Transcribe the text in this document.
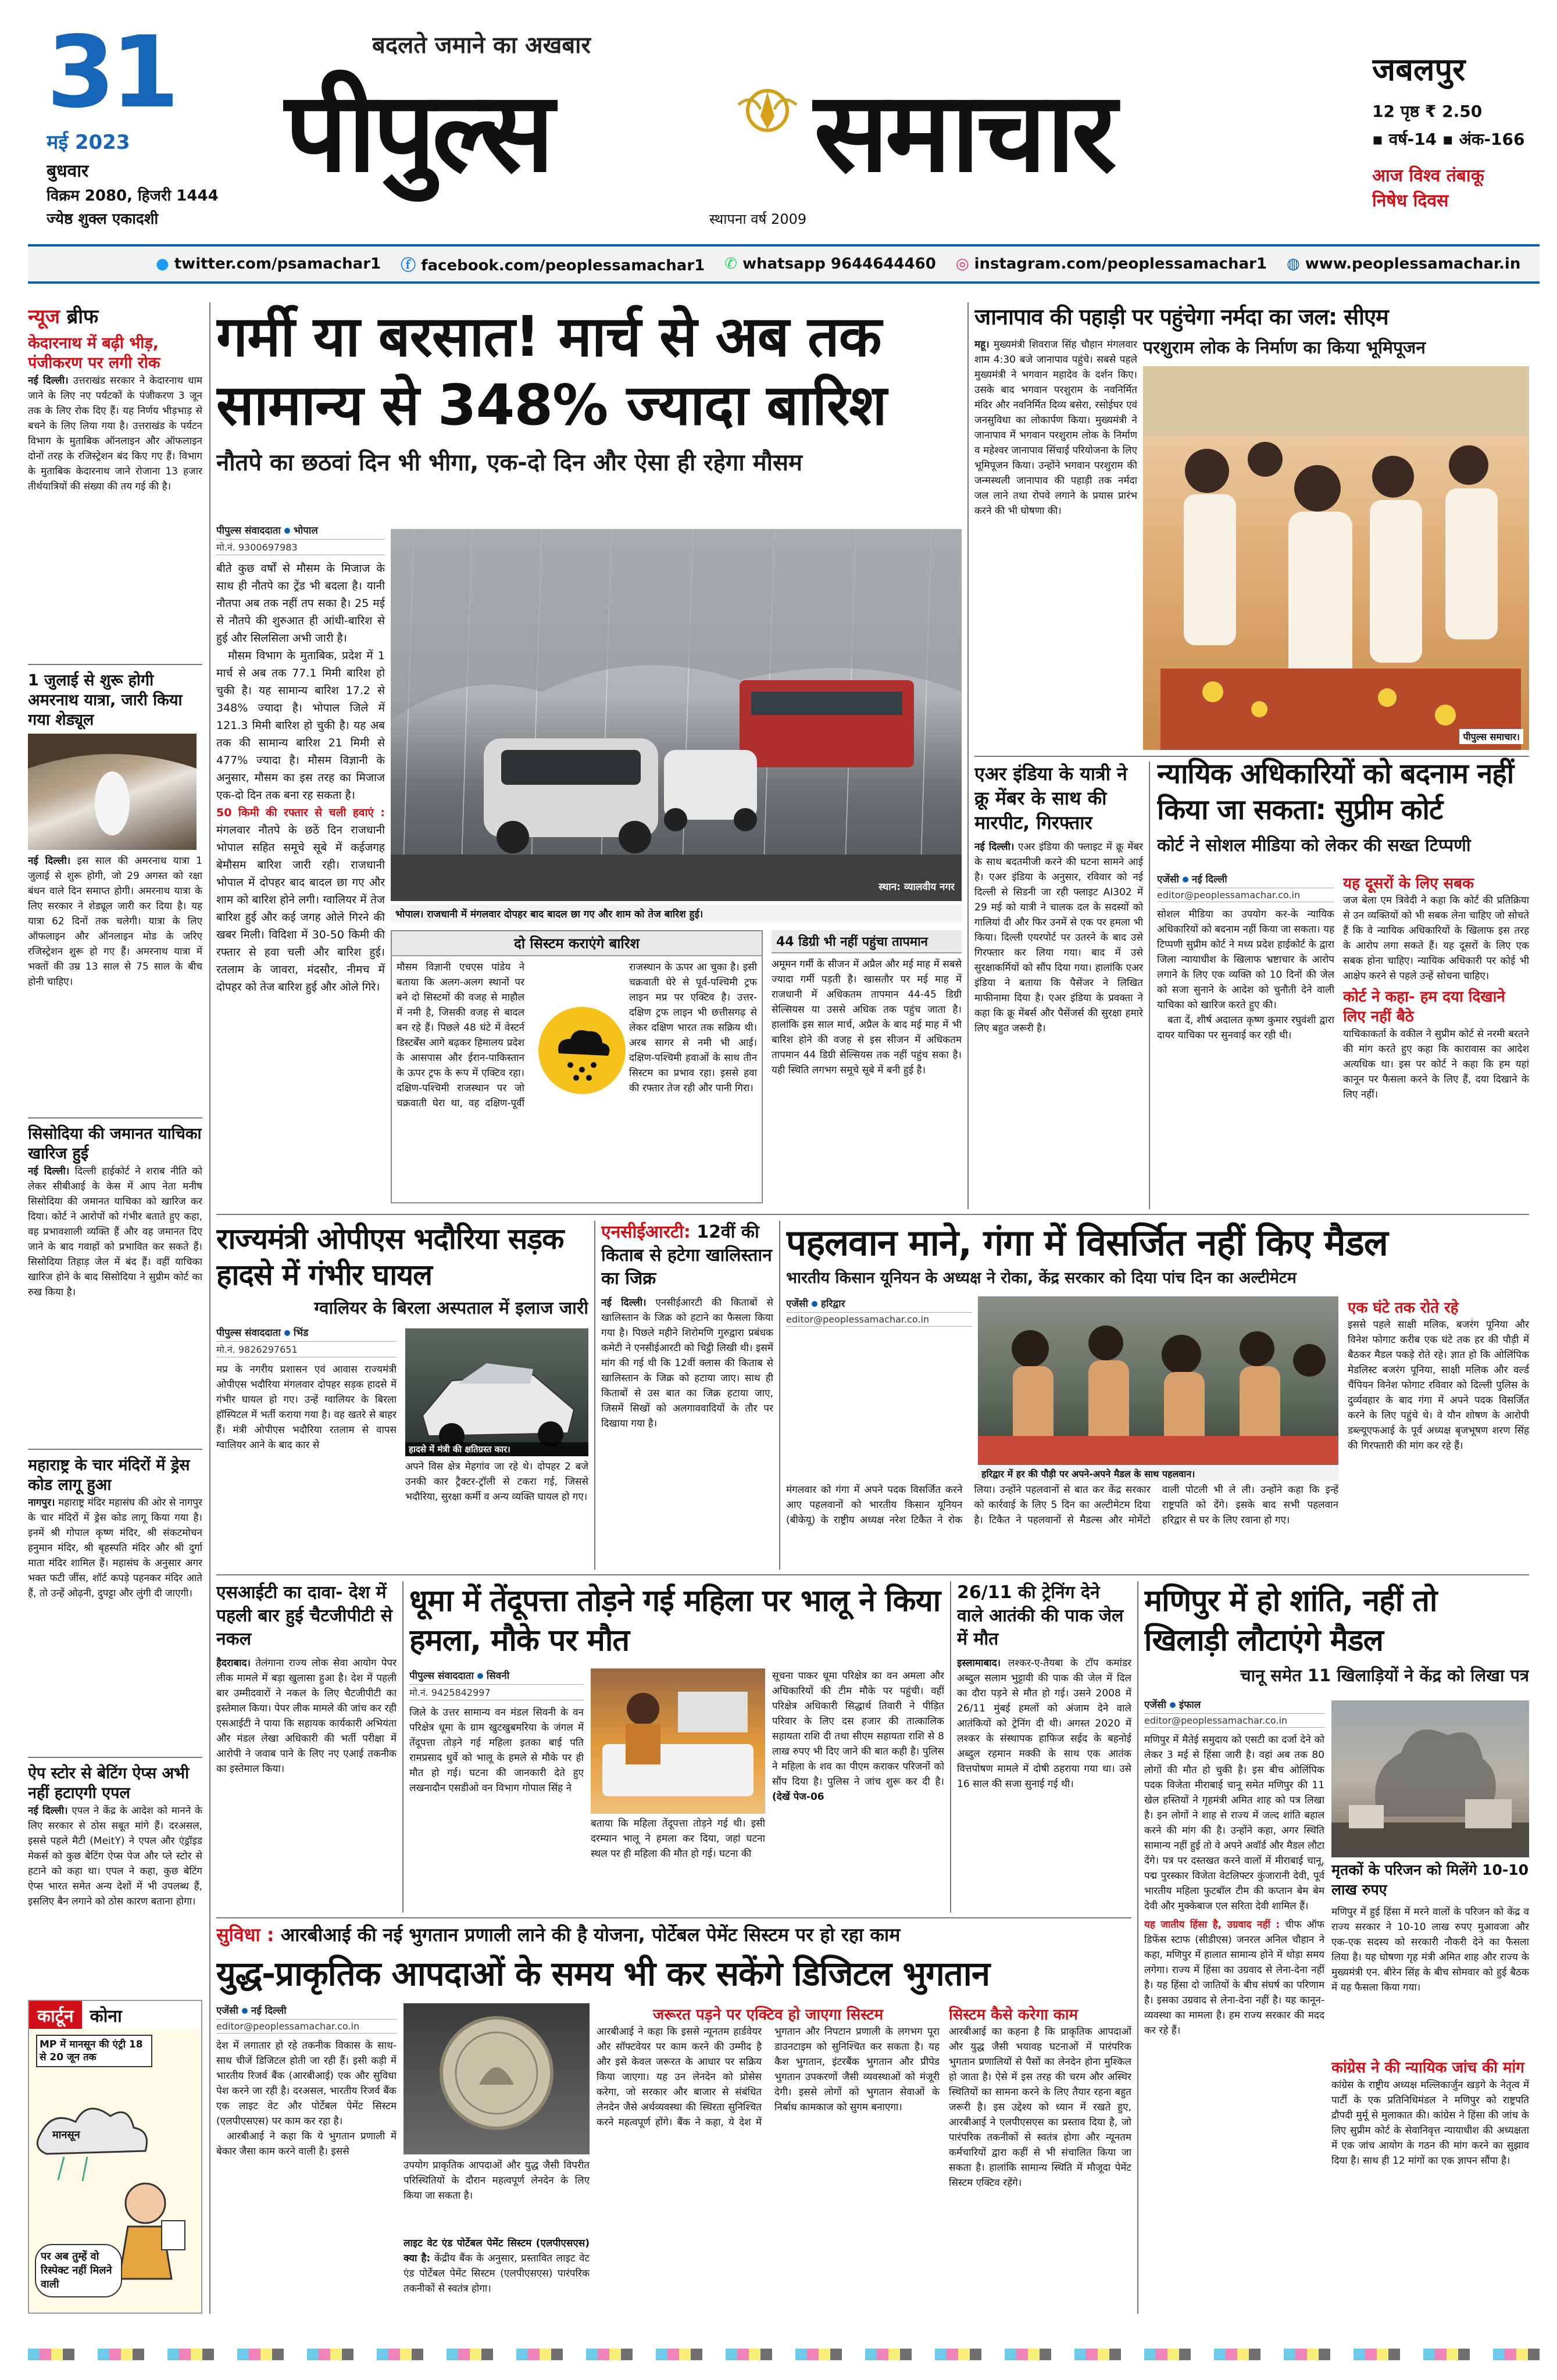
31
मई 2023
बुधवार
विक्रम 2080, हिजरी 1444
ज्येष्ठ शुक्ल एकादशी
बदलते जमाने का अखबार
पीपुल्स समाचार
स्थापना वर्ष 2009
जबलपुर
12 पृष्ठ ₹ 2.50
▪ वर्ष-14 ▪ अंक-166
आज विश्व तंबाकू
निषेध दिवस
● twitter.com/psamachar1 ⓕ facebook.com/peoplessamachar1 ✆ whatsapp 9644644460 ◎ instagram.com/peoplessamachar1 ◍ www.peoplessamachar.in
न्यूज ब्रीफ
केदारनाथ में बढ़ी भीड़, पंजीकरण पर लगी रोक
नई दिल्ली। उत्तराखंड सरकार ने केदारनाथ धाम जाने के लिए नए पर्यटकों के पंजीकरण 3 जून तक के लिए रोक दिए हैं। यह निर्णय भीड़भाड़ से बचने के लिए लिया गया है। उत्तराखंड के पर्यटन विभाग के मुताबिक ऑनलाइन और ऑफलाइन दोनों तरह के रजिस्ट्रेशन बंद किए गए हैं। विभाग के मुताबिक केदारनाथ जाने रोजाना 13 हजार तीर्थयात्रियों की संख्या की तय गई की है।
1 जुलाई से शुरू होगी अमरनाथ यात्रा, जारी किया गया शेड्यूल
नई दिल्ली। इस साल की अमरनाथ यात्रा 1 जुलाई से शुरू होगी, जो 29 अगस्त को रक्षा बंधन वाले दिन समाप्त होगी। अमरनाथ यात्रा के लिए सरकार ने शेड्यूल जारी कर दिया है। यह यात्रा 62 दिनों तक चलेगी। यात्रा के लिए ऑफलाइन और ऑनलाइन मोड के जरिए रजिस्ट्रेशन शुरू हो गए हैं। अमरनाथ यात्रा में भक्तों की उम्र 13 साल से 75 साल के बीच होनी चाहिए।
सिसोदिया की जमानत याचिका खारिज हुई
नई दिल्ली। दिल्ली हाईकोर्ट ने शराब नीति को लेकर सीबीआई के केस में आप नेता मनीष सिसोदिया की जमानत याचिका को खारिज कर दिया। कोर्ट ने आरोपों को गंभीर बताते हुए कहा, वह प्रभावशाली व्यक्ति हैं और वह जमानत दिए जाने के बाद गवाहों को प्रभावित कर सकते हैं। सिसोदिया तिहाड़ जेल में बंद हैं। वहीं याचिका खारिज होने के बाद सिसोदिया ने सुप्रीम कोर्ट का रुख किया है।
महाराष्ट्र के चार मंदिरों में ड्रेस कोड लागू हुआ
नागपुर। महाराष्ट्र मंदिर महासंघ की ओर से नागपुर के चार मंदिरों में ड्रेस कोड लागू किया गया है। इनमें श्री गोपाल कृष्ण मंदिर, श्री संकटमोचन हनुमान मंदिर, श्री बृहस्पति मंदिर और श्री दुर्गा माता मंदिर शामिल हैं। महासंघ के अनुसार अगर भक्त फटी जींस, शॉर्ट कपड़े पहनकर मंदिर आते हैं, तो उन्हें ओढ़नी, दुपट्टा और लुंगी दी जाएगी।
ऐप स्टोर से बेटिंग ऐप्स अभी नहीं हटाएगी एपल
नई दिल्ली। एपल ने केंद्र के आदेश को मानने के लिए सरकार से ठोस सबूत मांगे हैं। दरअसल, इससे पहले मैटी (MeitY) ने एपल और एंड्रॉइड मेकर्स को कुछ बेटिंग ऐप्स पेज और प्ले स्टोर से हटाने को कहा था। एपल ने कहा, कुछ बेटिंग ऐप्स भारत समेत अन्य देशों में भी उपलब्ध हैं, इसलिए बैन लगाने को ठोस कारण बताना होगा।
कार्टून कोना
MP में मानसून की एंट्री 18 से 20 जून तक
मानसून
पर अब तुम्हें वो रिस्पेक्ट नहीं मिलने वाली
गर्मी या बरसात! मार्च से अब तक
सामान्य से 348% ज्यादा बारिश
नौतपे का छठवां दिन भी भीगा, एक-दो दिन और ऐसा ही रहेगा मौसम
पीपुल्स संवाददाता भोपाल
मो.नं. 9300697983

बीते कुछ वर्षों से मौसम के मिजाज के साथ ही नौतपे का ट्रेंड भी बदला है। यानी नौतपा अब तक नहीं तप सका है। 25 मई से नौतपे की शुरुआत ही आंधी-बारिश से हुई और सिलसिला अभी जारी है।

मौसम विभाग के मुताबिक, प्रदेश में 1 मार्च से अब तक 77.1 मिमी बारिश हो चुकी है। यह सामान्य बारिश 17.2 से 348% ज्यादा है। भोपाल जिले में 121.3 मिमी बारिश हो चुकी है। यह अब तक की सामान्य बारिश 21 मिमी से 477% ज्यादा है। मौसम विज्ञानी के अनुसार, मौसम का इस तरह का मिजाज एक-दो दिन तक बना रह सकता है।

50 किमी की रफ्तार से चली हवाएं : मंगलवार नौतपे के छठें दिन राजधानी भोपाल सहित समूचे सूबे में कईजगह बेमौसम बारिश जारी रही। राजधानी भोपाल में दोपहर बाद बादल छा गए और शाम को बारिश होने लगी। ग्वालियर में तेज बारिश हुई और कई जगह ओले गिरने की खबर मिली। विदिशा में 30-50 किमी की रफ्तार से हवा चली और बारिश हुई। रतलाम के जावरा, मंदसौर, नीमच में दोपहर को तेज बारिश हुई और ओले गिरे।

स्थान: व्यालवीय नगर
भोपाल। राजधानी में मंगलवार दोपहर बाद बादल छा गए और शाम को तेज बारिश हुई।
दो सिस्टम कराएंगे बारिश
मौसम विज्ञानी एचएस पांडेय ने बताया कि अलग-अलग स्थानों पर बने दो सिस्टमों की वजह से माहौल में नमी है, जिसकी वजह से बादल बन रहे हैं। पिछले 48 घंटे में वेस्टर्न डिस्टर्बेंस आगे बढ़कर हिमालय प्रदेश के आसपास और ईरान-पाकिस्तान के ऊपर ट्रफ के रूप में एक्टिव रहा। दक्षिण-पश्चिमी राजस्थान पर जो चक्रवाती घेरा था, वह दक्षिण-पूर्वी राजस्थान के ऊपर आ चुका है। इसी चक्रवाती घेरे से पूर्व-पश्चिमी ट्रफ लाइन मप्र पर एक्टिव है। उत्तर-दक्षिण ट्रफ लाइन भी छत्तीसगढ़ से लेकर दक्षिण भारत तक सक्रिय थी। अरब सागर से नमी भी आई। दक्षिण-पश्चिमी हवाओं के साथ तीन सिस्टम का प्रभाव रहा। इससे हवा की रफ्तार तेज रही और पानी गिरा।
44 डिग्री भी नहीं पहुंचा तापमान
अमूमन गर्मी के सीजन में अप्रैल और मई माह में सबसे ज्यादा गर्मी पड़ती है। खासतौर पर मई माह में राजधानी में अधिकतम तापमान 44-45 डिग्री सेल्सियस या उससे अधिक तक पहुंच जाता है। हालांकि इस साल मार्च, अप्रैल के बाद मई माह में भी बारिश होने की वजह से इस सीजन में अधिकतम तापमान 44 डिग्री सेल्सियस तक नहीं पहुंच सका है। यही स्थिति लगभग समूचे सूबे में बनी हुई है।
जानापाव की पहाड़ी पर पहुंचेगा नर्मदा का जल: सीएम
परशुराम लोक के निर्माण का किया भूमिपूजन

महू। मुख्यमंत्री शिवराज सिंह चौहान मंगलवार शाम 4:30 बजे जानापाव पहुंचे। सबसे पहले मुख्यमंत्री ने भगवान महादेव के दर्शन किए। उसके बाद भगवान परशुराम के नवनिर्मित मंदिर और नवनिर्मित दिव्य बसेरा, रसोईघर एवं जनसुविधा का लोकार्पण किया। मुख्यमंत्री ने जानापाव में भगवान परशुराम लोक के निर्माण व महेश्वर जानापाव सिंचाई परियोजना के लिए भूमिपूजन किया। उन्होंने भगवान परशुराम की जन्मस्थली जानापाव की पहाड़ी तक नर्मदा जल लाने तथा रोपवे लगाने के प्रयास प्रारंभ करने की भी घोषणा की।

पीपुल्स समाचार।
एअर इंडिया के यात्री ने क्रू मेंबर के साथ की मारपीट, गिरफ्तार

नई दिल्ली। एअर इंडिया की फ्लाइट में क्रू मेंबर के साथ बदतमीजी करने की घटना सामने आई है। एअर इंडिया के अनुसार, रविवार को नई दिल्ली से सिडनी जा रही फ्लाइट AI302 में 29 मई को यात्री ने चालक दल के सदस्यों को गालियां दी और फिर उनमें से एक पर हमला भी किया। दिल्ली एयरपोर्ट पर उतरने के बाद उसे गिरफ्तार कर लिया गया। बाद में उसे सुरक्षाकर्मियों को सौंप दिया गया। हालांकि एअर इंडिया ने बताया कि पैसेंजर ने लिखित माफीनामा दिया है। एअर इंडिया के प्रवक्ता ने कहा कि क्रू मेंबर्स और पैसेंजर्स की सुरक्षा हमारे लिए बहुत जरूरी है।

न्यायिक अधिकारियों को बदनाम नहीं किया जा सकता: सुप्रीम कोर्ट
कोर्ट ने सोशल मीडिया को लेकर की सख्त टिप्पणी
एजेंसी नई दिल्ली
editor@peoplessamachar.co.in

सोशल मीडिया का उपयोग कर-के न्यायिक अधिकारियों को बदनाम नहीं किया जा सकता। यह टिप्पणी सुप्रीम कोर्ट ने मध्य प्रदेश हाईकोर्ट के द्वारा जिला न्यायाधीश के खिलाफ भ्रष्टाचार के आरोप लगाने के लिए एक व्यक्ति को 10 दिनों की जेल को सजा सुनाने के आदेश को चुनौती देने वाली याचिका को खारिज करते हुए की।

बता दें, शीर्ष अदालत कृष्ण कुमार रघुवंशी द्वारा दायर याचिका पर सुनवाई कर रही थी।

यह दूसरों के लिए सबक

जज बेला एम त्रिवेदी ने कहा कि कोर्ट की प्रतिक्रिया से उन व्यक्तियों को भी सबक लेना चाहिए जो सोचते हैं कि वे न्यायिक अधिकारियों के खिलाफ इस तरह के आरोप लगा सकते हैं। यह दूसरों के लिए एक सबक होना चाहिए। न्यायिक अधिकारी पर कोई भी आक्षेप करने से पहले उन्हें सोचना चाहिए।

कोर्ट ने कहा- हम दया दिखाने लिए नहीं बैठे

याचिकाकर्ता के वकील ने सुप्रीम कोर्ट से नरमी बरतने की मांग करते हुए कहा कि कारावास का आदेश अत्यधिक था। इस पर कोर्ट ने कहा कि हम यहां कानून पर फैसला करने के लिए हैं, दया दिखाने के लिए नहीं।

राज्यमंत्री ओपीएस भदौरिया सड़क हादसे में गंभीर घायल
ग्वालियर के बिरला अस्पताल में इलाज जारी
पीपुल्स संवाददाता भिंड
मो.नं. 9826297651

मप्र के नगरीय प्रशासन एवं आवास राज्यमंत्री ओपीएस भदौरिया मंगलवार दोपहर सड़क हादसे में गंभीर घायल हो गए। उन्हें ग्वालियर के बिरला हॉस्पिटल में भर्ती कराया गया है। वह खतरे से बाहर हैं। मंत्री ओपीएस भदौरिया रतलाम से वापस ग्वालियर आने के बाद कार से	हादसे में मंत्री की क्षतिग्रस्त कार।

अपने विस क्षेत्र मेहगांव जा रहे थे। दोपहर 2 बजे उनकी कार ट्रैक्टर-ट्रॉली से टकरा गई, जिससे भदौरिया, सुरक्षा कर्मी व अन्य व्यक्ति घायल हो गए।

एनसीईआरटी: 12वीं की किताब से हटेगा खालिस्तान का जिक्र

नई दिल्ली। एनसीईआरटी की किताबों से खालिस्तान के जिक्र को हटाने का फैसला किया गया है। पिछले महीने शिरोमणि गुरुद्वारा प्रबंधक कमेटी ने एनसीईआरटी को चिट्ठी लिखी थी। इसमें मांग की गई थी कि 12वीं क्लास की किताब से खालिस्तान के जिक्र को हटाया जाए। साथ ही किताबों से उस बात का जिक्र हटाया जाए, जिसमें सिखों को अलगाववादियों के तौर पर दिखाया गया है।

पहलवान माने, गंगा में विसर्जित नहीं किए मैडल
भारतीय किसान यूनियन के अध्यक्ष ने रोका, केंद्र सरकार को दिया पांच दिन का अल्टीमेटम
एजेंसी हरिद्वार
editor@peoplessamachar.co.in
हरिद्वार में हर की पौड़ी पर अपने-अपने मैडल के साथ पहलवान।
मंगलवार को गंगा में अपने पदक विसर्जित करने आए पहलवानों को भारतीय किसान यूनियन (बीकेयू) के राष्ट्रीय अध्यक्ष नरेश टिकैत ने रोक लिया। उन्होंने पहलवानों से बात कर केंद्र सरकार को कार्रवाई के लिए 5 दिन का अल्टीमेटम दिया है। टिकैत ने पहलवानों से मैडल्स और मोमेंटो वाली पोटली भी ले ली। उन्होंने कहा कि इन्हें राष्ट्रपति को देंगे। इसके बाद सभी पहलवान हरिद्वार से घर के लिए रवाना हो गए।
एक घंटे तक रोते रहे

इससे पहले साक्षी मलिक, बजरंग पूनिया और विनेश फोगाट करीब एक घंटे तक हर की पौड़ी में बैठकर मैडल पकड़े रोते रहे। ज्ञात हो कि ओलिंपिक मेडलिस्ट बजरंग पूनिया, साक्षी मलिक और वर्ल्ड चैंपियन विनेश फोगाट रविवार को दिल्ली पुलिस के दुर्व्यवहार के बाद गंगा में अपने पदक विसर्जित करने के लिए पहुंचे थे। वे यौन शोषण के आरोपी डब्ल्यूएफआई के पूर्व अध्यक्ष बृजभूषण शरण सिंह की गिरफ्तारी की मांग कर रहे हैं।

एसआईटी का दावा- देश में पहली बार हुई चैटजीपीटी से नकल

हैदराबाद। तेलंगाना राज्य लोक सेवा आयोग पेपर लीक मामले में बड़ा खुलासा हुआ है। देश में पहली बार उम्मीदवारों ने नकल के लिए चैटजीपीटी का इस्तेमाल किया। पेपर लीक मामले की जांच कर रही एसआईटी ने पाया कि सहायक कार्यकारी अभियंता और मंडल लेखा अधिकारी की भर्ती परीक्षा में आरोपी ने जवाब पाने के लिए नए एआई तकनीक का इस्तेमाल किया।

धूमा में तेंदूपत्ता तोड़ने गई महिला पर भालू ने किया हमला, मौके पर मौत
पीपुल्स संवाददाता सिवनी
मो.नं. 9425842997

जिले के उत्तर सामान्य वन मंडल सिवनी के वन परिक्षेत्र धूमा के ग्राम खुटखुबमरिया के जंगल में तेंदूपत्ता तोड़ने गई महिला इतका बाई पति रामप्रसाद धुर्वे को भालू के हमले से मौके पर ही मौत हो गई। घटना की जानकारी देते हुए लखनादौन एसडीओ वन विभाग गोपाल सिंह ने

बताया कि महिला तेंदूपत्ता तोड़ने गई थी। इसी दरम्यान भालू ने हमला कर दिया, जहां घटना स्थल पर ही महिला की मौत हो गई। घटना की

सूचना पाकर धूमा परिक्षेत्र का वन अमला और अधिकारियों की टीम मौके पर पहुंची। वहीं परिक्षेत्र अधिकारी सिद्धार्थ तिवारी ने पीड़ित परिवार के लिए दस हजार की तात्कालिक सहायता राशि दी तथा सीएम सहायता राशि से 8 लाख रुपए भी दिए जाने की बात कही है। पुलिस ने महिला के शव का पीएम कराकर परिजनों को सौंप दिया है। पुलिस ने जांच शुरू कर दी है। (देखें पेज-06

26/11 की ट्रेनिंग देने वाले आतंकी की पाक जेल में मौत

इस्लामाबाद। लश्कर-ए-तैयबा के टॉप कमांडर अब्दुल सलाम भुट्टावी की पाक की जेल में दिल का दौरा पड़ने से मौत हो गई। उसने 2008 में 26/11 मुंबई हमलों को अंजाम देने वाले आतंकियों को ट्रेनिंग दी थी। अगस्त 2020 में लश्कर के संस्थापक हाफिज सईद के बहनोई अब्दुल रहमान मक्की के साथ एक आतंक वित्तपोषण मामले में दोषी ठहराया गया था। उसे 16 साल की सजा सुनाई गई थी।

मणिपुर में हो शांति, नहीं तो खिलाड़ी लौटाएंगे मैडल
चानू समेत 11 खिलाड़ियों ने केंद्र को लिखा पत्र
एजेंसी इंफाल
editor@peoplessamachar.co.in

मणिपुर में मैतेई समुदाय को एसटी का दर्जा देने को लेकर 3 मई से हिंसा जारी है। वहां अब तक 80 लोगों की मौत हो चुकी है। इस बीच ओलिंपिक पदक विजेता मीराबाई चानू समेत मणिपुर की 11 खेल हस्तियों ने गृहमंत्री अमित शाह को पत्र लिखा है। इन लोगों ने शाह से राज्य में जल्द शांति बहाल करने की मांग की है। उन्होंने कहा, अगर स्थिति सामान्य नहीं हुई तो वे अपने अवॉर्ड और मैडल लौटा देंगे। पत्र पर दस्तखत करने वालों में मीराबाई चानू, पद्म पुरस्कार विजेता वेटलिफ्टर कुंजारानी देवी, पूर्व भारतीय महिला फुटबॉल टीम की कप्तान बेम बेम देवी और मुक्केबाज एल सरिता देवी शामिल हैं।

यह जातीय हिंसा है, उग्रवाद नहीं : चीफ ऑफ डिफेंस स्टाफ (सीडीएस) जनरल अनिल चौहान ने कहा, मणिपुर में हालात सामान्य होने में थोड़ा समय लगेगा। राज्य में हिंसा का उग्रवाद से लेना-देना नहीं है। यह हिंसा दो जातियों के बीच संघर्ष का परिणाम है। इसका उग्रवाद से लेना-देना नहीं है। यह कानून-व्यवस्था का मामला है। हम राज्य सरकार की मदद कर रहे हैं।

मृतकों के परिजन को मिलेंगे 10-10 लाख रुपए

मणिपुर में हुई हिंसा में मरने वालों के परिजन को केंद्र व राज्य सरकार ने 10-10 लाख रुपए मुआवजा और एक-एक सदस्य को सरकारी नौकरी देने का फैसला लिया है। यह घोषणा गृह मंत्री अमित शाह और राज्य के मुख्यमंत्री एन. बीरेन सिंह के बीच सोमवार को हुई बैठक में यह फैसला किया गया।

कांग्रेस ने की न्यायिक जांच की मांग

कांग्रेस के राष्ट्रीय अध्यक्ष मल्लिकार्जुन खड़गे के नेतृत्व में पार्टी के एक प्रतिनिधिमंडल ने मणिपुर को राष्ट्रपति द्रौपदी मुर्मू से मुलाकात की। कांग्रेस ने हिंसा की जांच के लिए सुप्रीम कोर्ट के सेवानिवृत्त न्यायाधीश की अध्यक्षता में एक जांच आयोग के गठन की मांग करने का सुझाव दिया है। साथ ही 12 मांगों का एक ज्ञापन सौंपा है।

सुविधा : आरबीआई की नई भुगतान प्रणाली लाने की है योजना, पोर्टेबल पेमेंट सिस्टम पर हो रहा काम
युद्ध-प्राकृतिक आपदाओं के समय भी कर सकेंगे डिजिटल भुगतान
एजेंसी नई दिल्ली
editor@peoplessamachar.co.in

देश में लगातार हो रहे तकनीक विकास के साथ-साथ चीजें डिजिटल होती जा रही हैं। इसी कड़ी में भारतीय रिजर्व बैंक (आरबीआई) एक और सुविधा पेश करने जा रही है। दरअसल, भारतीय रिजर्व बैंक एक लाइट वेट और पोर्टेबल पेमेंट सिस्टम (एलपीएसएस) पर काम कर रहा है।

आरबीआई ने कहा कि ये भुगतान प्रणाली में बेकार जैसा काम करने वाली है। इससे

उपयोग प्राकृतिक आपदाओं और युद्ध जैसी विपरीत परिस्थितियों के दौरान महत्वपूर्ण लेनदेन के लिए किया जा सकता है।

लाइट वेट एंड पोर्टेबल पेमेंट सिस्टम (एलपीएसएस) क्या है: केंद्रीय बैंक के अनुसार, प्रस्तावित लाइट वेट एंड पोर्टेबल पेमेंट सिस्टम (एलपीएसएस) पारंपरिक तकनीकों से स्वतंत्र होगा।

जरूरत पड़ने पर एक्टिव हो जाएगा सिस्टम

आरबीआई ने कहा कि इससे न्यूनतम हार्डवेयर और सॉफ्टवेयर पर काम करने की उम्मीद है और इसे केवल जरूरत के आधार पर सक्रिय किया जाएगा। यह उन लेनदेन को प्रोसेस करेगा, जो सरकार और बाजार से संबंधित लेनदेन जैसे अर्थव्यवस्था की स्थिरता सुनिश्चित करने महत्वपूर्ण होंगे। बैंक ने कहा, ये देश में भुगतान और निपटान प्रणाली के लगभग पूरा डाउनटाइम को सुनिश्चित कर सकता है। यह कैश भुगतान, इंटरबैंक भुगतान और प्रीपेड भुगतान उपकरणों जैसी व्यवस्थाओं को मंजूरी देगी। इससे लोगों को भुगतान सेवाओं के निर्बाध कामकाज को सुगम बनाएगा।

सिस्टम कैसे करेगा काम

आरबीआई का कहना है कि प्राकृतिक आपदाओं और युद्ध जैसी भयावह घटनाओं में पारंपरिक भुगतान प्रणालियों से पैसों का लेनदेन होना मुश्किल हो जाता है। ऐसे में इस तरह की चरम और अस्थिर स्थितियों का सामना करने के लिए तैयार रहना बहुत जरूरी है। इस उद्देश्य को ध्यान में रखते हुए, आरबीआई ने एलपीएसएस का प्रस्ताव दिया है, जो पारंपरिक तकनीकों से स्वतंत्र होगा और न्यूनतम कर्मचारियों द्वारा कहीं से भी संचालित किया जा सकता है। हालांकि सामान्य स्थिति में मौजूदा पेमेंट सिस्टम एक्टिव रहेंगे।
